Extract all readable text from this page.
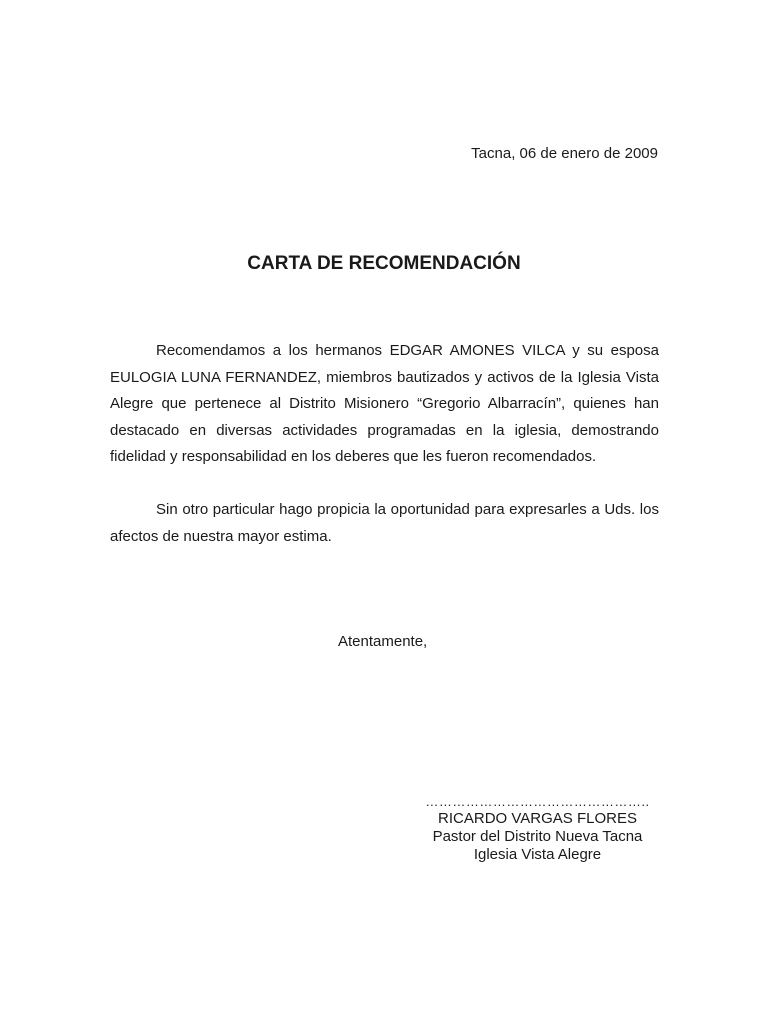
Tacna, 06 de enero de 2009
CARTA DE RECOMENDACIÓN

Recomendamos a los hermanos EDGAR AMONES VILCA y su esposa EULOGIA LUNA FERNANDEZ, miembros bautizados y activos de la Iglesia Vista Alegre que pertenece al Distrito Misionero “Gregorio Albarracín”, quienes han destacado en diversas actividades programadas en la iglesia, demostrando fidelidad y responsabilidad en los deberes que les fueron recomendados.

Sin otro particular hago propicia la oportunidad para expresarles a Uds. los afectos de nuestra mayor estima.

Atentamente,
…………………………………………..
RICARDO VARGAS FLORES
Pastor del Distrito Nueva Tacna
Iglesia Vista Alegre
